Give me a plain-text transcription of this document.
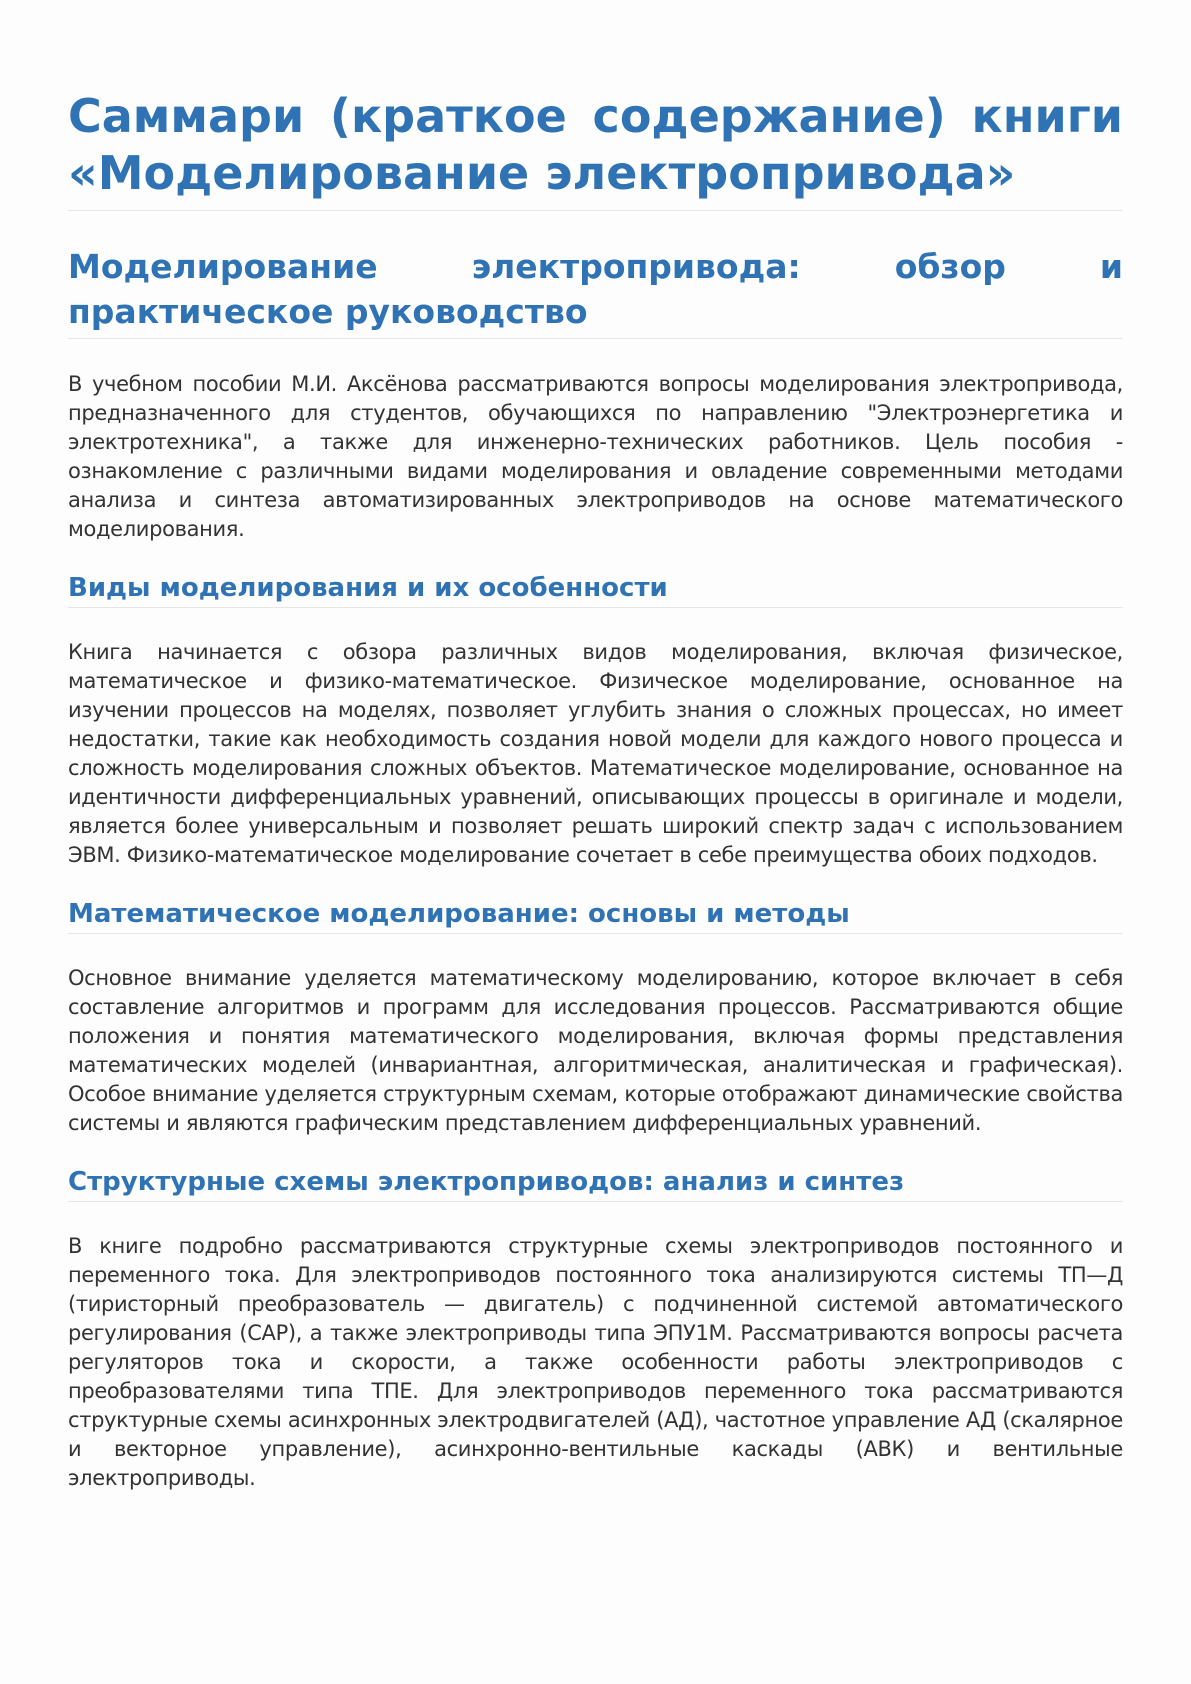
Саммари (краткое содержание) книги «Моделирование электропривода»
Моделирование электропривода: обзор и практическое руководство

В учебном пособии М.И. Аксёнова рассматриваются вопросы моделирования электропривода, предназначенного для студентов, обучающихся по направлению "Электроэнергетика и электротехника", а также для инженерно-технических работников. Цель пособия - ознакомление с различными видами моделирования и овладение современными методами анализа и синтеза автоматизированных электроприводов на основе математического моделирования.

Виды моделирования и их особенности

Книга начинается с обзора различных видов моделирования, включая физическое, математическое и физико-математическое. Физическое моделирование, основанное на изучении процессов на моделях, позволяет углубить знания о сложных процессах, но имеет недостатки, такие как необходимость создания новой модели для каждого нового процесса и сложность моделирования сложных объектов. Математическое моделирование, основанное на идентичности дифференциальных уравнений, описывающих процессы в оригинале и модели, является более универсальным и позволяет решать широкий спектр задач с использованием ЭВМ. Физико-математическое моделирование сочетает в себе преимущества обоих подходов.

Математическое моделирование: основы и методы

Основное внимание уделяется математическому моделированию, которое включает в себя составление алгоритмов и программ для исследования процессов. Рассматриваются общие положения и понятия математического моделирования, включая формы представления математических моделей (инвариантная, алгоритмическая, аналитическая и графическая). Особое внимание уделяется структурным схемам, которые отображают динамические свойства системы и являются графическим представлением дифференциальных уравнений.

Структурные схемы электроприводов: анализ и синтез

В книге подробно рассматриваются структурные схемы электроприводов постоянного и переменного тока. Для электроприводов постоянного тока анализируются системы ТП—Д (тиристорный преобразователь — двигатель) с подчиненной системой автоматического регулирования (САР), а также электроприводы типа ЭПУ1М. Рассматриваются вопросы расчета регуляторов тока и скорости, а также особенности работы электроприводов с преобразователями типа ТПЕ. Для электроприводов переменного тока рассматриваются структурные схемы асинхронных электродвигателей (АД), частотное управление АД (скалярное и векторное управление), асинхронно-вентильные каскады (АВК) и вентильные электроприводы.
